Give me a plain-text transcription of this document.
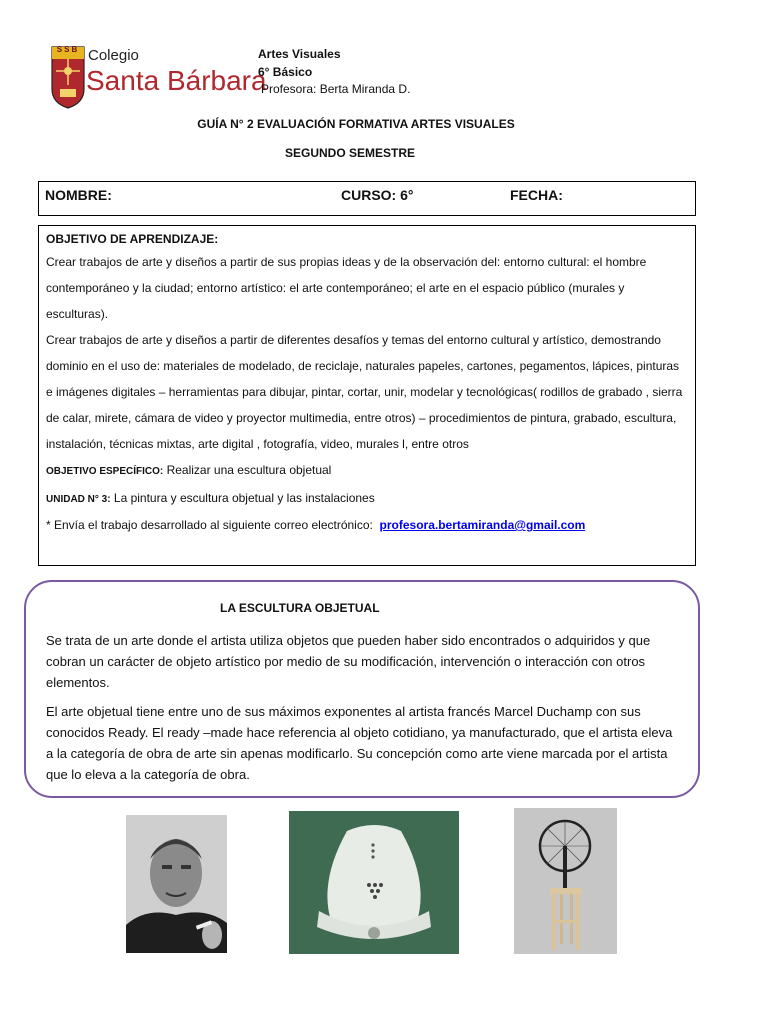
SSB Colegio
Santa Bárbara
Artes Visuales
6° Básico
Profesora: Berta Miranda D.
GUÍA N° 2 EVALUACIÓN FORMATIVA ARTES VISUALES
SEGUNDO SEMESTRE
NOMBRE:	CURSO: 6°	FECHA:
OBJETIVO DE APRENDIZAJE:

Crear trabajos de arte y diseños a partir de sus propias ideas y de la observación del: entorno cultural: el hombre contemporáneo y la ciudad; entorno artístico: el arte contemporáneo; el arte en el espacio público (murales y esculturas).

Crear trabajos de arte y diseños a partir de diferentes desafíos y temas del entorno cultural y artístico, demostrando dominio en el uso de: materiales de modelado, de reciclaje, naturales papeles, cartones, pegamentos, lápices, pinturas e imágenes digitales – herramientas para dibujar, pintar, cortar, unir, modelar y tecnológicas( rodillos de grabado , sierra de calar, mirete, cámara de video y proyector multimedia, entre otros) – procedimientos de pintura, grabado, escultura, instalación, técnicas mixtas, arte digital , fotografía, video, murales l, entre otros

OBJETIVO ESPECÍFICO: Realizar una escultura objetual

UNIDAD N° 3: La pintura y escultura objetual y las instalaciones

* Envía el trabajo desarrollado al siguiente correo electrónico:  profesora.bertamiranda@gmail.com

LA ESCULTURA OBJETUAL

Se trata de un arte donde el artista utiliza objetos que pueden haber sido encontrados o adquiridos y que cobran un carácter de objeto artístico por medio de su modificación, intervención o interacción con otros elementos.

El arte objetual tiene entre uno de sus máximos exponentes al artista francés Marcel Duchamp con sus conocidos Ready. El ready –made hace referencia al objeto cotidiano, ya manufacturado, que el artista eleva a la categoría de obra de arte sin apenas modificarlo. Su concepción como arte viene marcada por el artista que lo eleva a la categoría de obra.
